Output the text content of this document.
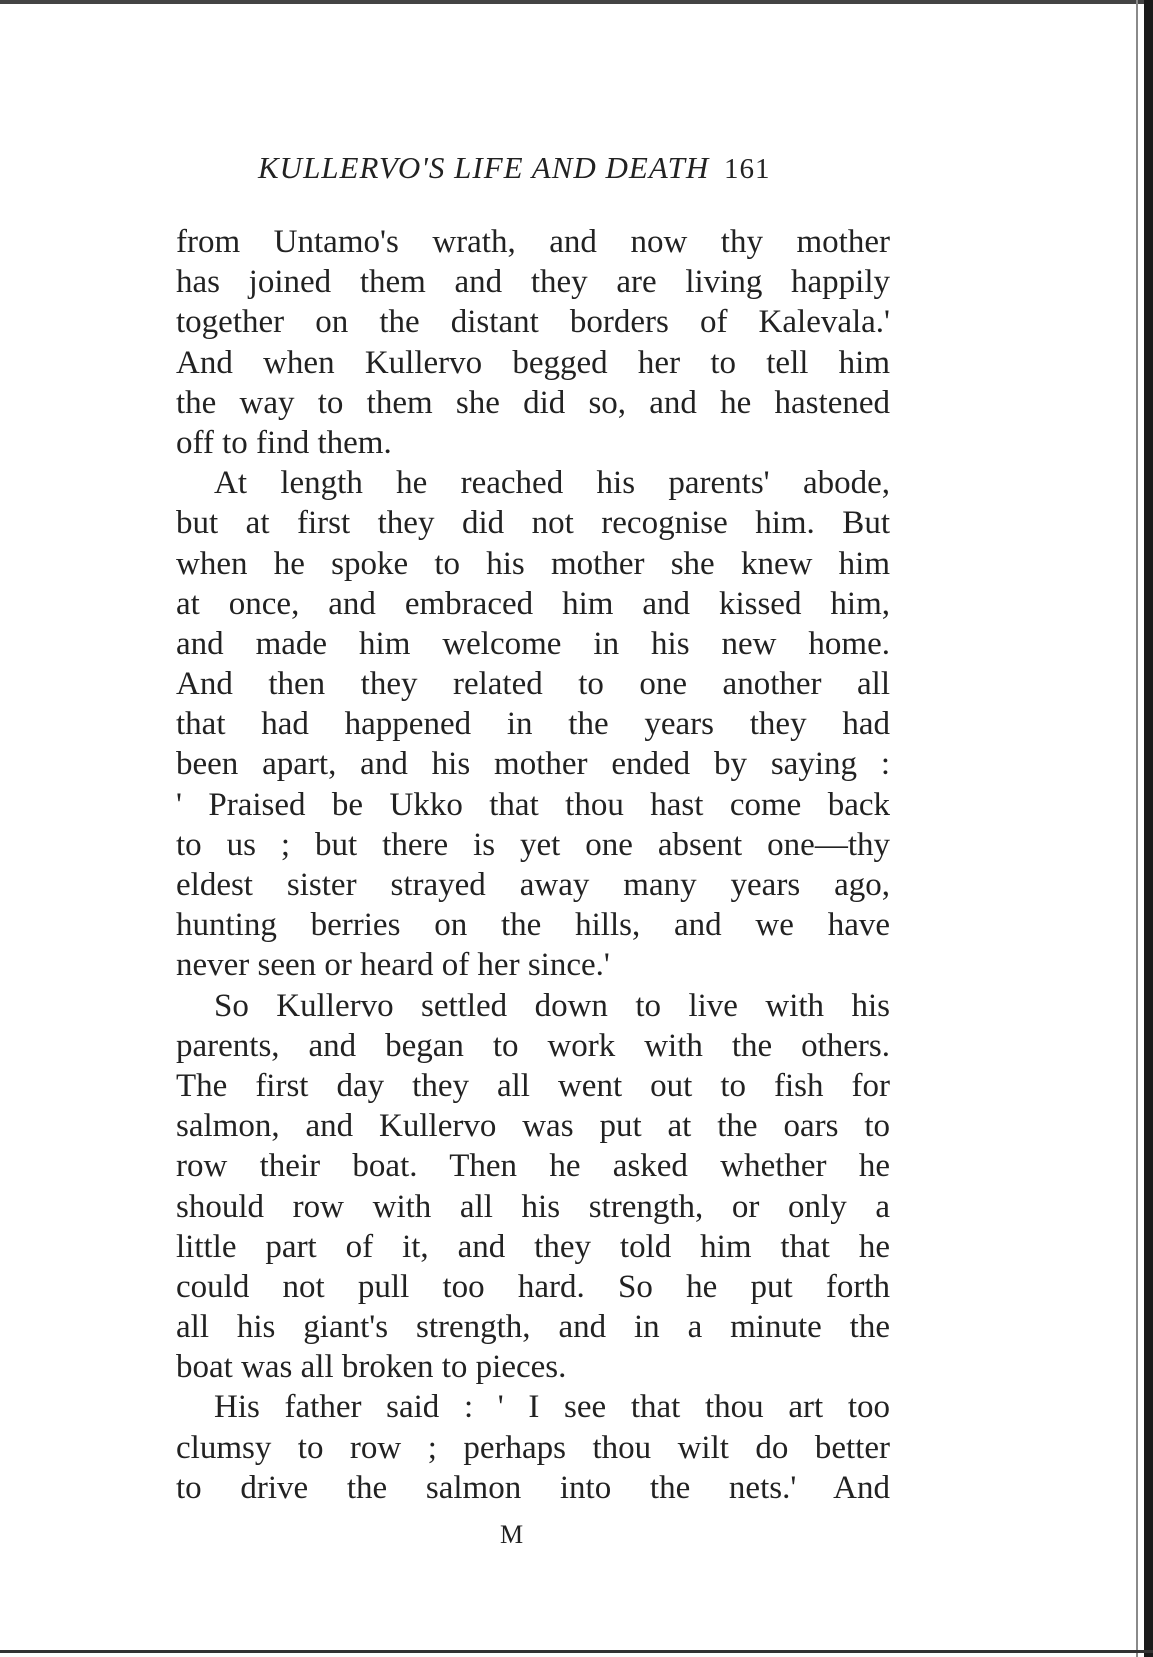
KULLERVO'S LIFE AND DEATH 161
from Untamo's wrath, and now thy mother
has joined them and they are living happily
together on the distant borders of Kalevala.'
And when Kullervo begged her to tell him
the way to them she did so, and he hastened
off to find them.
At length he reached his parents' abode,
but at first they did not recognise him. But
when he spoke to his mother she knew him
at once, and embraced him and kissed him,
and made him welcome in his new home.
And then they related to one another all
that had happened in the years they had
been apart, and his mother ended by saying :
' Praised be Ukko that thou hast come back
to us ; but there is yet one absent one—thy
eldest sister strayed away many years ago,
hunting berries on the hills, and we have
never seen or heard of her since.'
So Kullervo settled down to live with his
parents, and began to work with the others.
The first day they all went out to fish for
salmon, and Kullervo was put at the oars to
row their boat. Then he asked whether he
should row with all his strength, or only a
little part of it, and they told him that he
could not pull too hard. So he put forth
all his giant's strength, and in a minute the
boat was all broken to pieces.
His father said : ' I see that thou art too
clumsy to row ; perhaps thou wilt do better
to drive the salmon into the nets.' And
M
